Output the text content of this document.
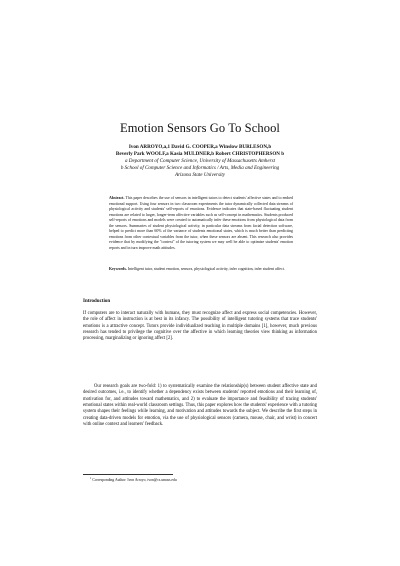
Emotion Sensors Go To School
Ivon ARROYO,a,1 David G. COOPER,a Winslow BURLESON,b
Beverly Park WOOLF,a Kasia MULDNER,b Robert CHRISTOPHERSON b
a Department of Computer Science, University of Massachusetts Amherst
b School of Computer Science and Informatics / Arts, Media and Engineering
Arizona State University
Abstract. This paper describes the use of sensors in intelligent tutors to detect students' affective states and to embed emotional support. Using four sensors in two classroom experiments the tutor dynamically collected data streams of physiological activity and students' self-reports of emotions. Evidence indicates that state-based fluctuating student emotions are related to larger, longer-term affective variables such as self-concept in mathematics. Students produced self-reports of emotions and models were created to automatically infer these emotions from physiological data from the sensors. Summaries of student physiological activity, in particular data streams from facial detection software, helped to predict more than 60% of the variance of students emotional states, which is much better than predicting emotions from other contextual variables from the tutor, when these sensors are absent. This research also provides evidence that by modifying the "context" of the tutoring system we may well be able to optimize students' emotion reports and in turn improve math attitudes.
Keywords. Intelligent tutor, student emotion, sensors, physiological activity, infer cognition, infer student affect.
Introduction
If computers are to interact naturally with humans, they must recognize affect and express social competencies. However, the role of affect in instruction is at best in its infancy. The possibility of intelligent tutoring systems that trace students' emotions is a attractive concept. Tutors provide individualized teaching in multiple domains [1], however, much previous research has tended to privilege the cognitive over the affective in which learning theories view thinking as information processing, marginalizing or ignoring affect [2].
Our research goals are two-fold: 1) to systematically examine the relationship(s) between student affective state and desired outcomes, i.e., to identify whether a dependency exists between students' reported emotions and their learning of, motivation for, and attitudes toward mathematics, and 2) to evaluate the importance and feasibility of tracing students' emotional states within real-world classroom settings. Thus, this paper explores how the students' experience with a tutoring system shapes their feelings while learning, and motivation and attitudes towards the subject. We describe the first steps in creating data-driven models for emotion, via the use of physiological sensors (camera, mouse, chair, and wrist) in concert with online context and learners' feedback.
$^1$ Corresponding Author: Ivon Arroyo, ivon@cs.umass.edu
